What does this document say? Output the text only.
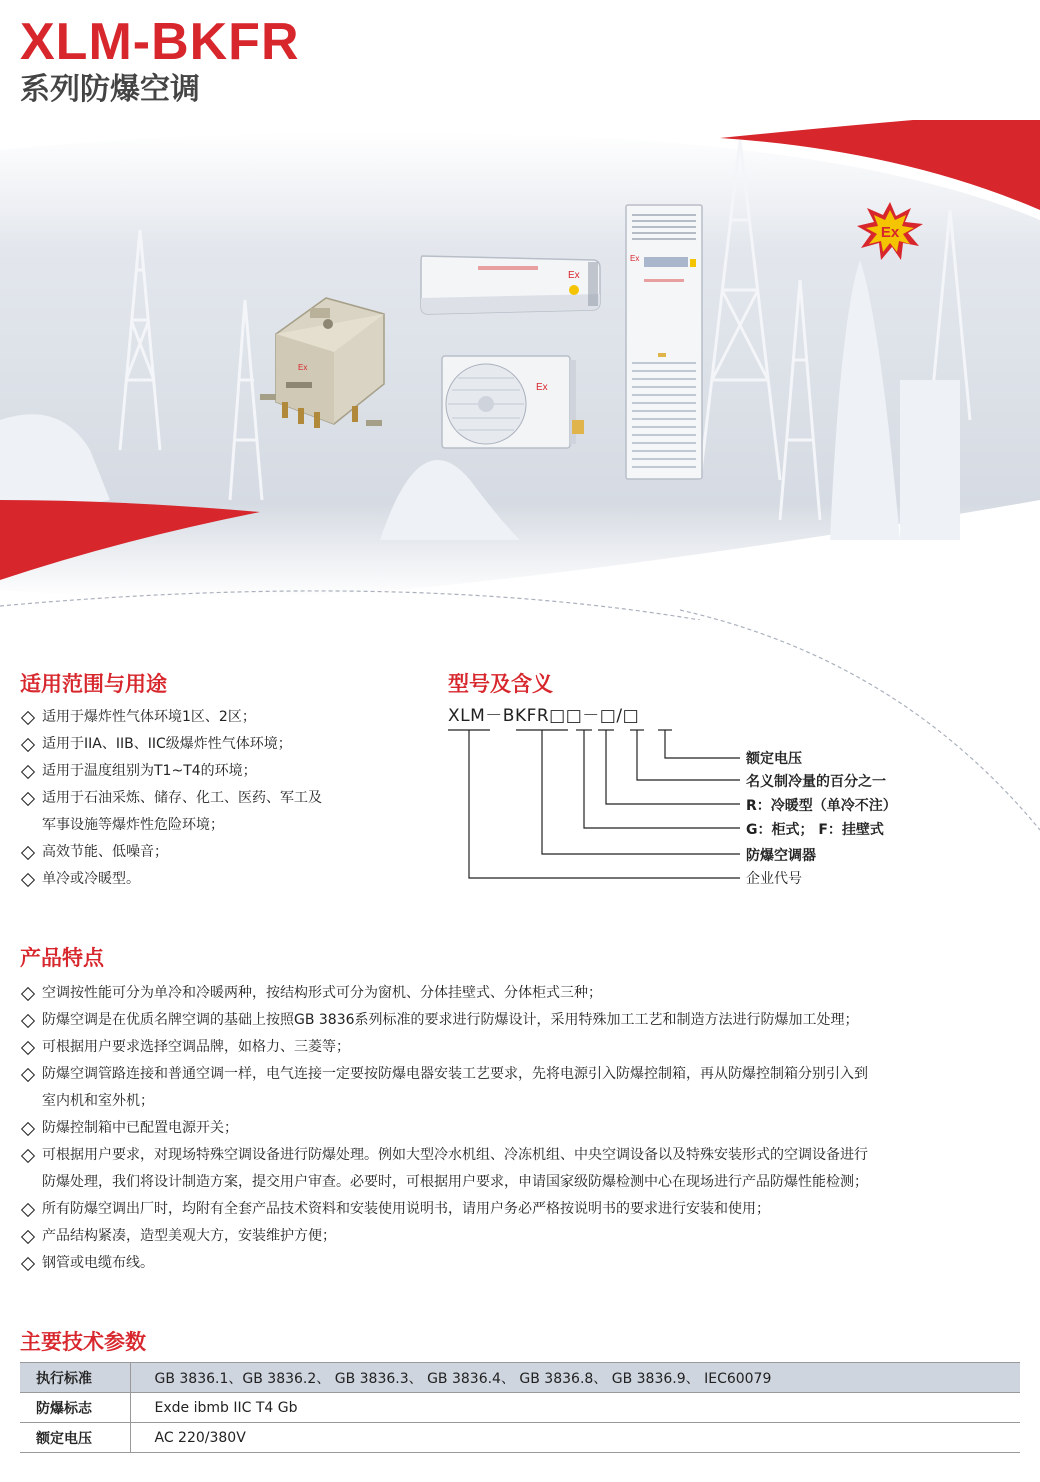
XLM-BKFR
系列防爆空调
Ex
Ex
Ex
Ex
Ex
适用范围与用途
适用于爆炸性气体环境1区、2区；
适用于IIA、IIB、IIC级爆炸性气体环境；
适用于温度组别为T1~T4的环境；
适用于石油采炼、储存、化工、医药、军工及
军事设施等爆炸性危险环境；
高效节能、低噪音；
单冷或冷暖型。
型号及含义
XLM－BKFR□□－□/□
额定电压
名义制冷量的百分之一
R：冷暖型（单冷不注）
G：柜式； F：挂壁式
防爆空调器
企业代号
产品特点
空调按性能可分为单冷和冷暖两种，按结构形式可分为窗机、分体挂壁式、分体柜式三种；
防爆空调是在优质名牌空调的基础上按照GB 3836系列标准的要求进行防爆设计，采用特殊加工工艺和制造方法进行防爆加工处理；
可根据用户要求选择空调品牌，如格力、三菱等；
防爆空调管路连接和普通空调一样，电气连接一定要按防爆电器安装工艺要求，先将电源引入防爆控制箱，再从防爆控制箱分别引入到
室内机和室外机；
防爆控制箱中已配置电源开关；
可根据用户要求，对现场特殊空调设备进行防爆处理。例如大型冷水机组、冷冻机组、中央空调设备以及特殊安装形式的空调设备进行
防爆处理，我们将设计制造方案，提交用户审查。必要时，可根据用户要求，申请国家级防爆检测中心在现场进行产品防爆性能检测；
所有防爆空调出厂时，均附有全套产品技术资料和安装使用说明书，请用户务必严格按说明书的要求进行安装和使用；
产品结构紧凑，造型美观大方，安装维护方便；
钢管或电缆布线。
主要技术参数
执行标准	GB 3836.1、GB 3836.2、 GB 3836.3、 GB 3836.4、 GB 3836.8、 GB 3836.9、 IEC60079
防爆标志	Exde ibmb IIC T4 Gb
额定电压	AC 220/380V
